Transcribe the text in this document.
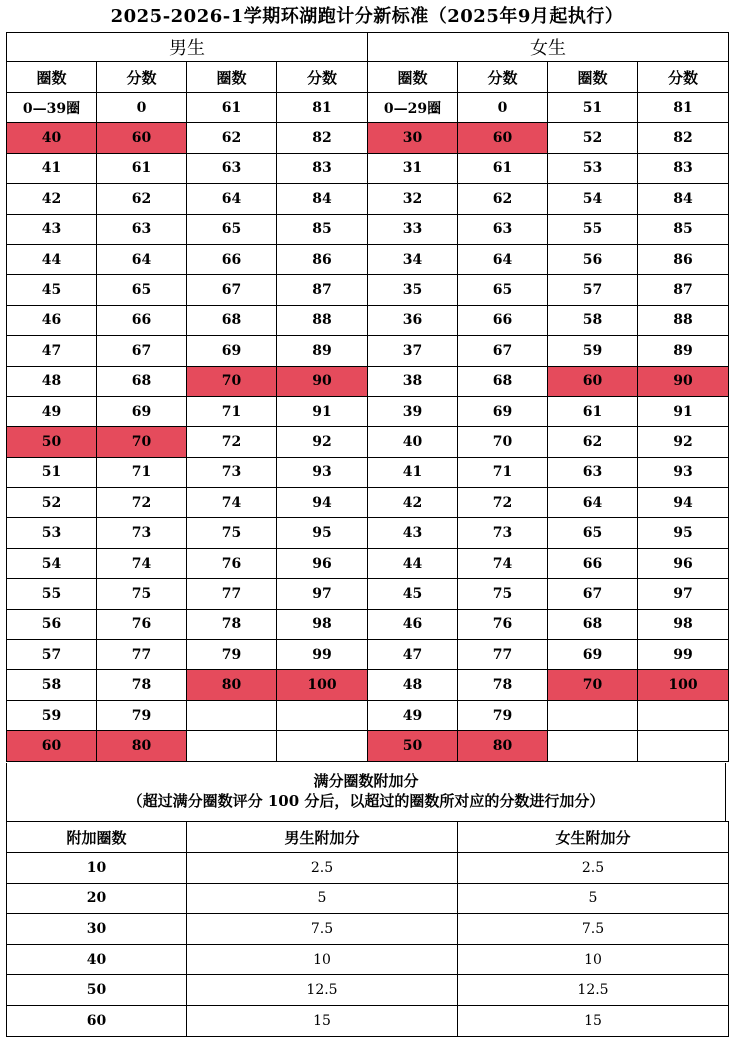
2025-2026-1学期环湖跑计分新标准（2025年9月起执行）
男生				女生			
圈数	分数	圈数	分数	圈数	分数	圈数	分数
0—39圈	0	61	81	0—29圈	0	51	81
40	60	62	82	30	60	52	82
41	61	63	83	31	61	53	83
42	62	64	84	32	62	54	84
43	63	65	85	33	63	55	85
44	64	66	86	34	64	56	86
45	65	67	87	35	65	57	87
46	66	68	88	36	66	58	88
47	67	69	89	37	67	59	89
48	68	70	90	38	68	60	90
49	69	71	91	39	69	61	91
50	70	72	92	40	70	62	92
51	71	73	93	41	71	63	93
52	72	74	94	42	72	64	94
53	73	75	95	43	73	65	95
54	74	76	96	44	74	66	96
55	75	77	97	45	75	67	97
56	76	78	98	46	76	68	98
57	77	79	99	47	77	69	99
58	78	80	100	48	78	70	100
59	79			49	79		
60	80			50	80		
满分圈数附加分
（超过满分圈数评分 100 分后，以超过的圈数所对应的分数进行加分）
附加圈数	男生附加分	女生附加分
10	2.5	2.5
20	5	5
30	7.5	7.5
40	10	10
50	12.5	12.5
60	15	15
